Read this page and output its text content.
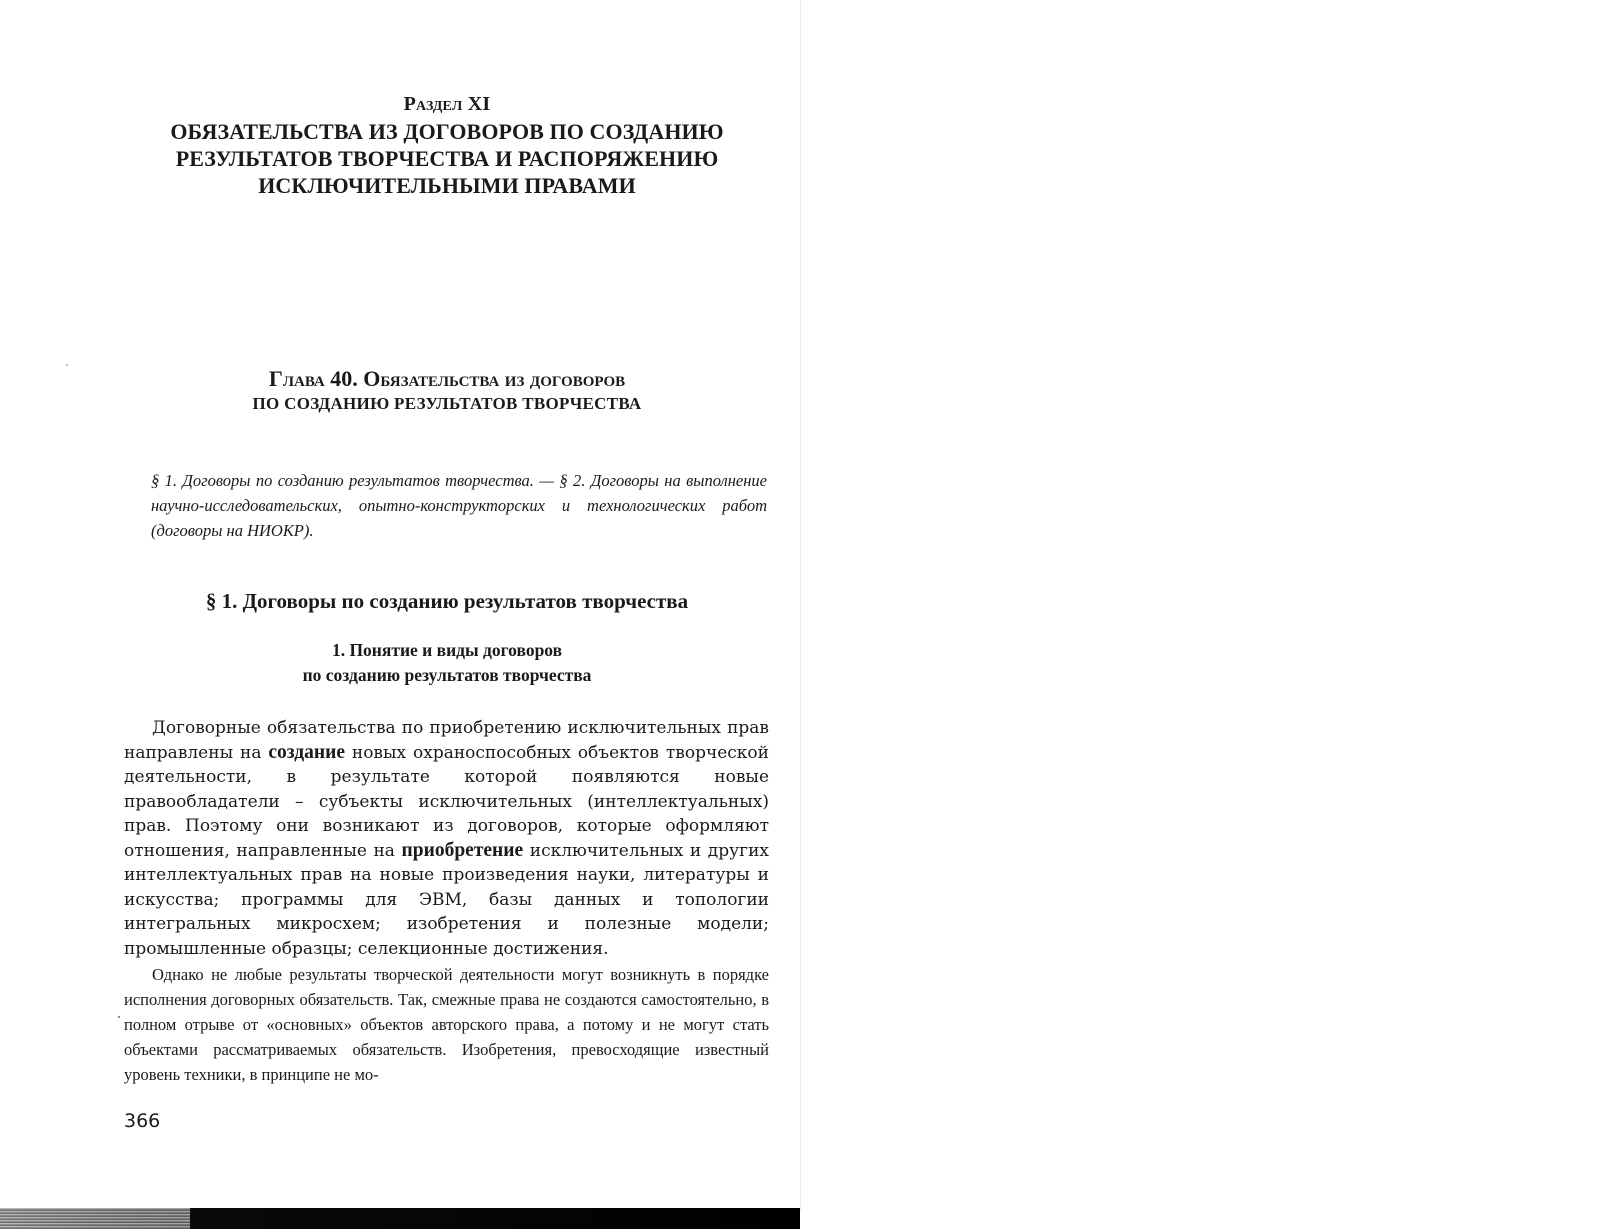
Раздел XI
ОБЯЗАТЕЛЬСТВА ИЗ ДОГОВОРОВ ПО СОЗДАНИЮ
РЕЗУЛЬТАТОВ ТВОРЧЕСТВА И РАСПОРЯЖЕНИЮ
ИСКЛЮЧИТЕЛЬНЫМИ ПРАВАМИ
Глава 40. Обязательства из договоров
ПО СОЗДАНИЮ РЕЗУЛЬТАТОВ ТВОРЧЕСТВА
§ 1. Договоры по созданию результатов творчества. — § 2. Договоры на выполнение научно-исследовательских, опытно-конструкторских и технологических работ (договоры на НИОКР).
§ 1. Договоры по созданию результатов творчества
1. Понятие и виды договоров
по созданию результатов творчества
Договорные обязательства по приобретению исключительных прав направлены на создание новых охраноспособных объектов творческой деятельности, в результате которой появляются новые правообладатели – субъекты исключительных (интеллектуальных) прав. Поэтому они возникают из договоров, которые оформляют отношения, направленные на приобретение исключительных и других интеллектуальных прав на новые произведения науки, литературы и искусства; программы для ЭВМ, базы данных и топологии интегральных микросхем; изобретения и полезные модели; промышленные образцы; селекционные достижения.
Однако не любые результаты творческой деятельности могут возникнуть в порядке исполнения договорных обязательств. Так, смежные права не создаются самостоятельно, в полном отрыве от «основных» объектов авторского права, а потому и не могут стать объектами рассматриваемых обязательств. Изобретения, превосходящие известный уровень техники, в принципе не мо-
366
